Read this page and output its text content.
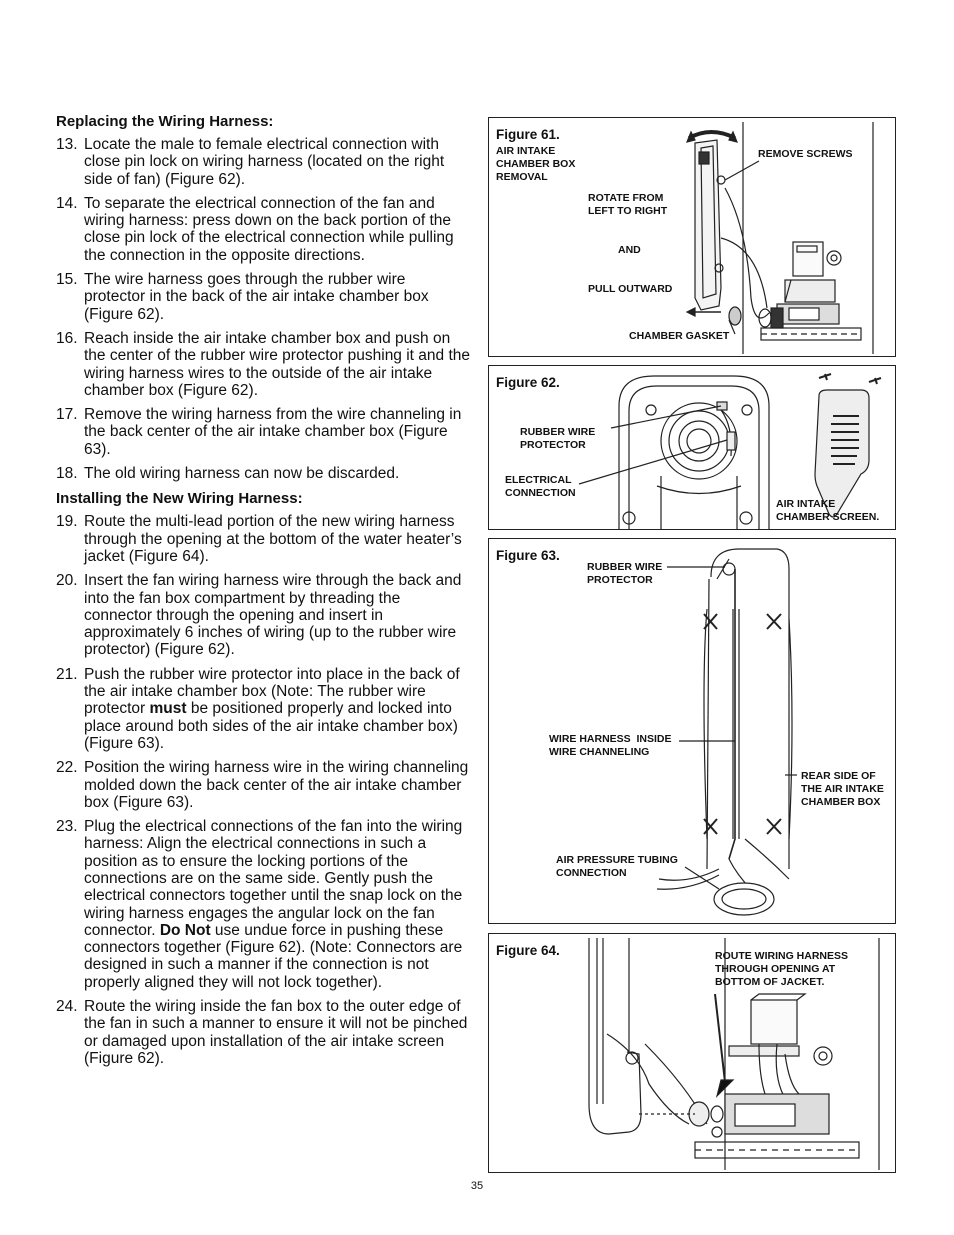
Replacing the Wiring Harness:
13. Locate the male to female electrical connection with close pin lock on wiring harness (located on the right side of fan) (Figure 62).
14. To separate the electrical connection of the fan and wiring harness: press down on the back portion of the close pin lock of the electrical connection while pulling the connection in the opposite directions.
15. The wire harness goes through the rubber wire protector in the back of the air intake chamber box (Figure 62).
16. Reach inside the air intake chamber box and push on the center of the rubber wire protector pushing it and the wiring harness wires to the outside of the air intake chamber box (Figure 62).
17. Remove the wiring harness from the wire channeling in the back center of the air intake chamber box (Figure 63).
18. The old wiring harness can now be discarded.
Installing the New Wiring Harness:
19. Route the multi-lead portion of the new wiring harness through the opening at the bottom of the water heater’s jacket (Figure 64).
20. Insert the fan wiring harness wire through the back and into the fan box compartment by threading the connector through the opening and insert in approximately 6 inches of wiring (up to the rubber wire protector) (Figure 62).
21. Push the rubber wire protector into place in the back of the air intake chamber box (Note: The rubber wire protector must be positioned properly and locked into place around both sides of the air intake chamber box) (Figure 63).
22. Position the wiring harness wire in the wiring channeling molded down the back center of the air intake chamber box (Figure 63).
23. Plug the electrical connections of the fan into the wiring harness: Align the electrical connections in such a position as to ensure the locking portions of the connections are on the same side. Gently push the electrical connectors together until the snap lock on the wiring harness engages the angular lock on the fan connector. Do Not use undue force in pushing these connectors together (Figure 62). (Note: Connectors are designed in such a manner if the connection is not properly aligned they will not lock together).
24. Route the wiring inside the fan box to the outer edge of the fan in such a manner to ensure it will not be pinched or damaged upon installation of the air intake screen (Figure 62).
Figure 61.
AIR INTAKE
CHAMBER BOX
REMOVAL
REMOVE SCREWS
ROTATE FROM
LEFT TO RIGHT
AND
PULL OUTWARD
CHAMBER GASKET
Figure 62.
RUBBER WIRE
PROTECTOR
ELECTRICAL
CONNECTION
AIR INTAKE
CHAMBER SCREEN.
Figure 63.
RUBBER WIRE
PROTECTOR
WIRE HARNESS  INSIDE
WIRE CHANNELING
REAR SIDE OF
THE AIR INTAKE
CHAMBER BOX
AIR PRESSURE TUBING
CONNECTION
Figure 64.	ROUTE WIRING HARNESS
THROUGH OPENING AT
BOTTOM OF JACKET.
35
